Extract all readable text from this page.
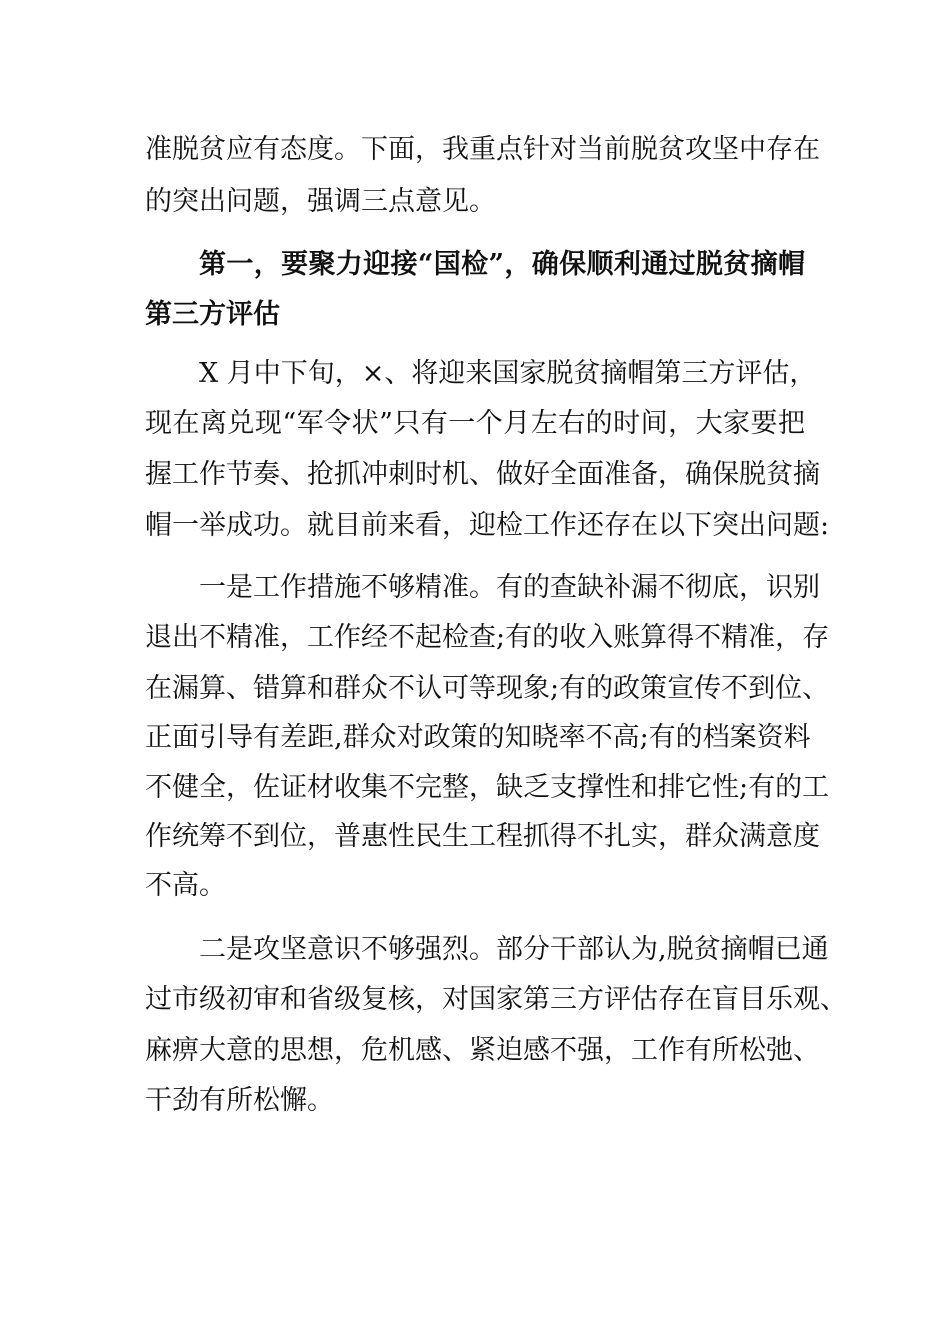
准脱贫应有态度。下面，我重点针对当前脱贫攻坚中存在
的突出问题，强调三点意见。
第一，要聚力迎接“国检”，确保顺利通过脱贫摘帽
第三方评估
X 月中下旬，×、将迎来国家脱贫摘帽第三方评估，
现在离兑现“军令状”只有一个月左右的时间，大家要把
握工作节奏、抢抓冲刺时机、做好全面准备，确保脱贫摘
帽一举成功。就目前来看，迎检工作还存在以下突出问题:
一是工作措施不够精准。有的查缺补漏不彻底，识别
退出不精准，工作经不起检查;有的收入账算得不精准，存
在漏算、错算和群众不认可等现象;有的政策宣传不到位、
正面引导有差距,群众对政策的知晓率不高;有的档案资料
不健全，佐证材收集不完整，缺乏支撑性和排它性;有的工
作统筹不到位，普惠性民生工程抓得不扎实，群众满意度
不高。
二是攻坚意识不够强烈。部分干部认为,脱贫摘帽已通
过市级初审和省级复核，对国家第三方评估存在盲目乐观、
麻痹大意的思想，危机感、紧迫感不强，工作有所松弛、
干劲有所松懈。
